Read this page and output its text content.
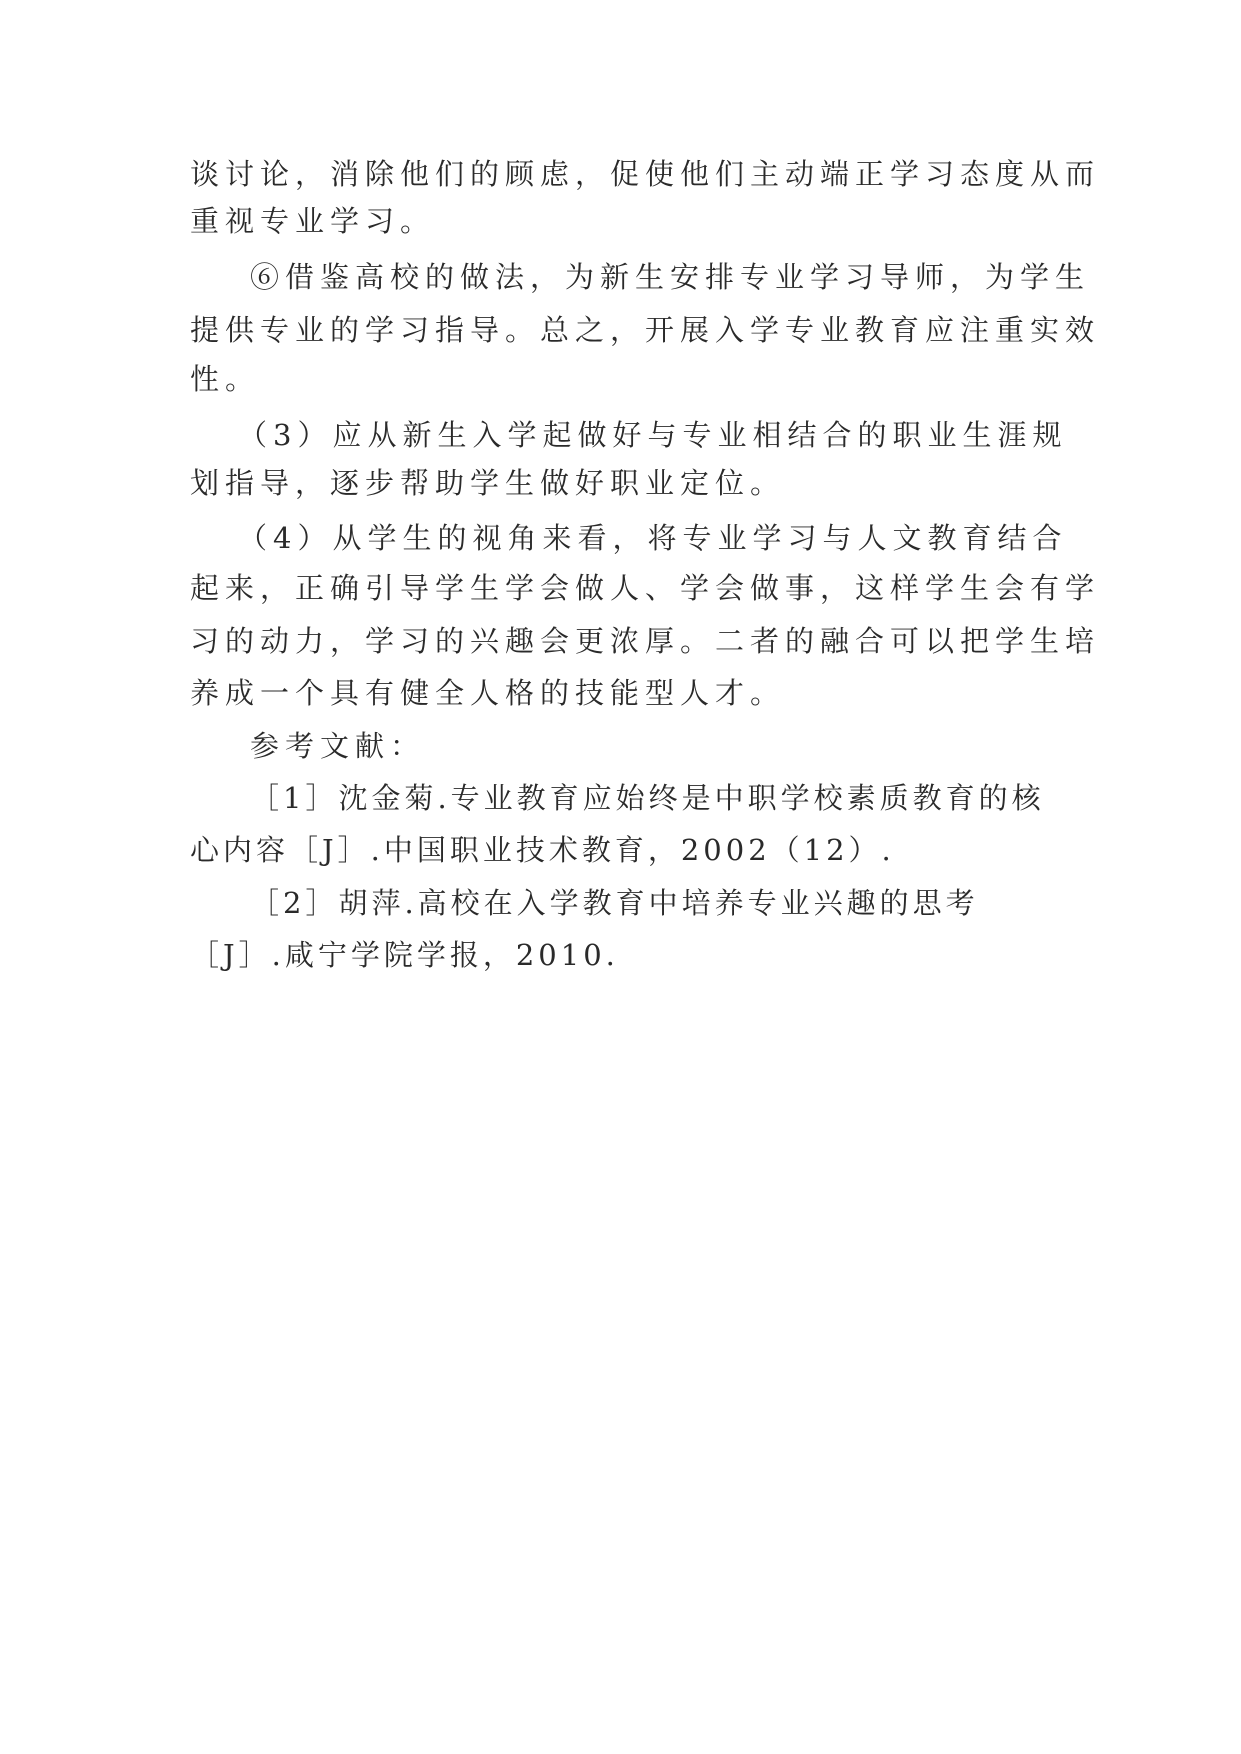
谈讨论，消除他们的顾虑，促使他们主动端正学习态度从而
重视专业学习。
⑥借鉴高校的做法，为新生安排专业学习导师，为学生
提供专业的学习指导。总之，开展入学专业教育应注重实效
性。
（3）应从新生入学起做好与专业相结合的职业生涯规
划指导，逐步帮助学生做好职业定位。
（4）从学生的视角来看，将专业学习与人文教育结合
起来，正确引导学生学会做人、学会做事，这样学生会有学
习的动力，学习的兴趣会更浓厚。二者的融合可以把学生培
养成一个具有健全人格的技能型人才。
参考文献：
［1］沈金菊.专业教育应始终是中职学校素质教育的核
心内容［J］.中国职业技术教育，2002（12）.
［2］胡萍.高校在入学教育中培养专业兴趣的思考
［J］.咸宁学院学报，2010.
